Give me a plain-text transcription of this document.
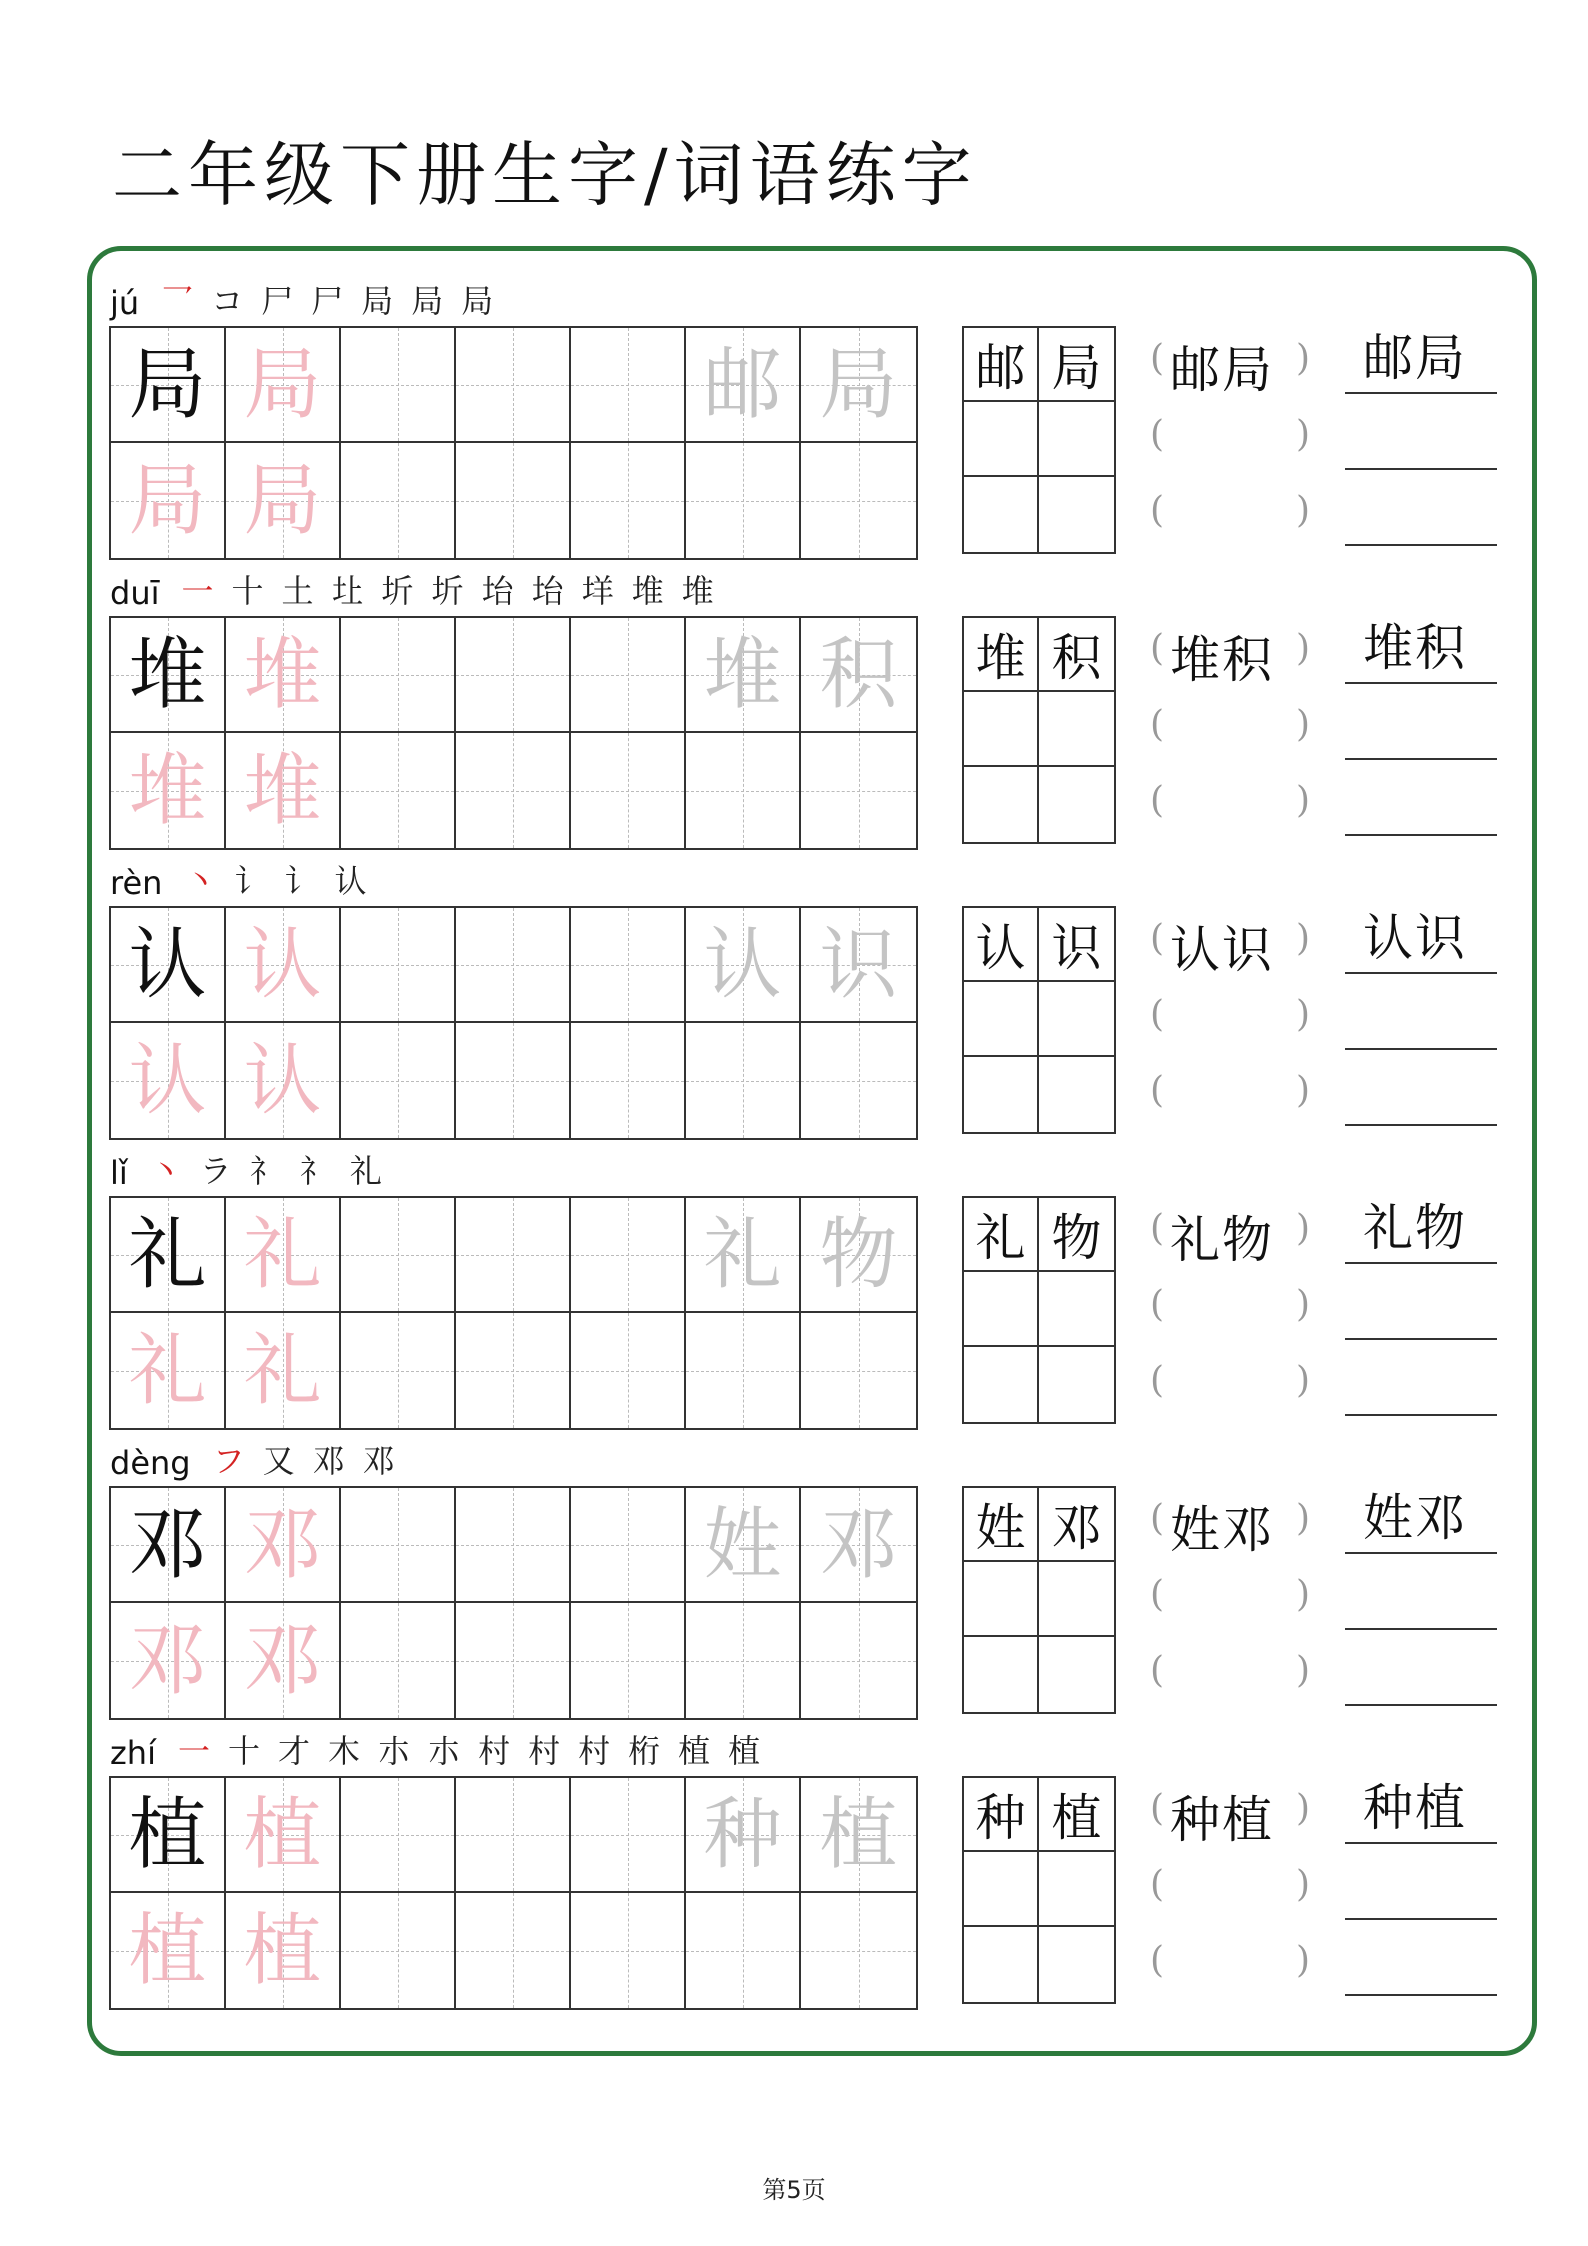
二年级下册生字/词语练字
jú 乛 コ 尸 尸 局 局 局
局 局	邮 局
局 局
邮 局	(	)
邮局
(	)
(	)
邮局
duī 一 十 土 圵 圻 圻 坮 坮 垟 堆 堆
堆 堆	堆 积
堆 堆
堆 积	(	)
堆积
(	)
(	)
堆积
rèn 丶 讠 讠 认
认 认	认 识
认 认
认 识	(	)
认识
(	)
(	)
认识
lǐ 丶 ラ 礻 礻 礼
礼 礼	礼 物
礼 礼
礼 物	(	)
礼物
(	)
(	)
礼物
dèng フ 又 邓 邓
邓 邓	姓 邓
邓 邓
姓 邓	(	)
姓邓
(	)
(	)
姓邓
zhí 一 十 才 木 朩 朩 村 村 村 桁 植 植
植 植	种 植
植 植
种 植	(	)
种植
(	)
(	)
种植
第5页
